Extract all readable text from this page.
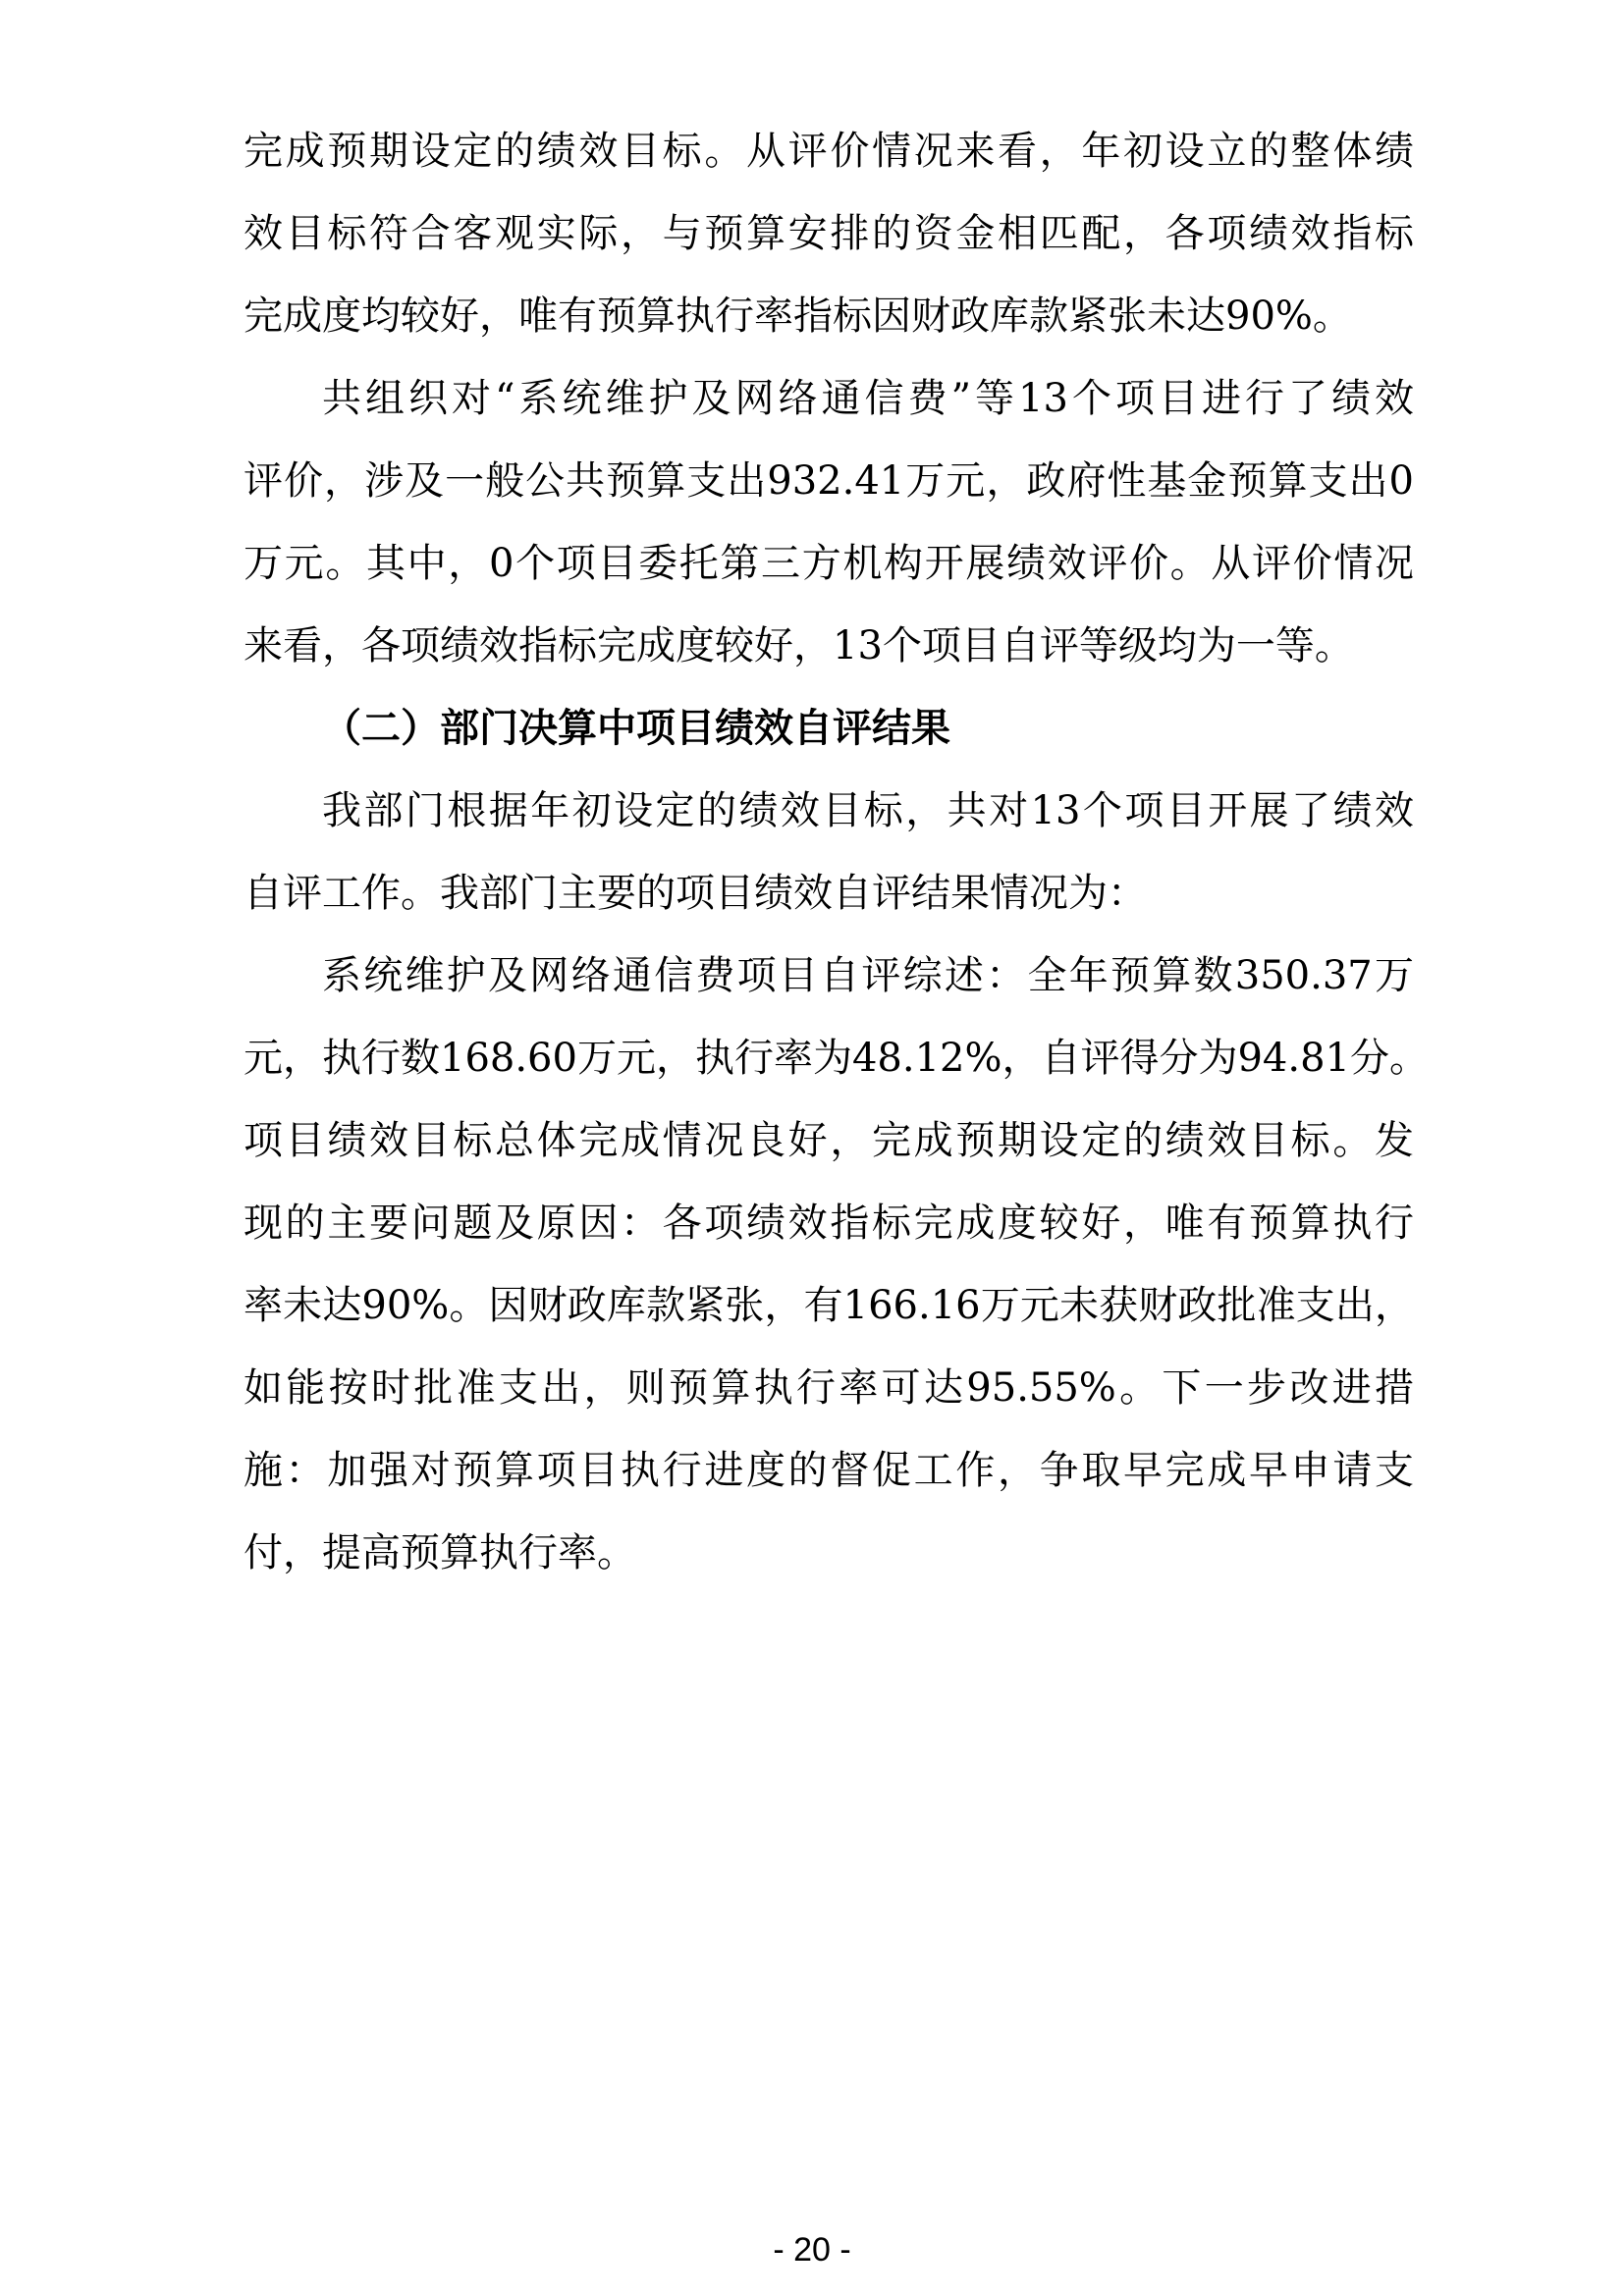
完成预期设定的绩效目标。从评价情况来看，年初设立的整体绩
效目标符合客观实际，与预算安排的资金相匹配，各项绩效指标
完成度均较好，唯有预算执行率指标因财政库款紧张未达90%。
共组织对“系统维护及网络通信费”等13个项目进行了绩效
评价，涉及一般公共预算支出932.41万元，政府性基金预算支出0
万元。其中，0个项目委托第三方机构开展绩效评价。从评价情况
来看，各项绩效指标完成度较好，13个项目自评等级均为一等。
（二）部门决算中项目绩效自评结果
我部门根据年初设定的绩效目标，共对13个项目开展了绩效
自评工作。我部门主要的项目绩效自评结果情况为：
系统维护及网络通信费项目自评综述：全年预算数350.37万
元，执行数168.60万元，执行率为48.12%，自评得分为94.81分。
项目绩效目标总体完成情况良好，完成预期设定的绩效目标。发
现的主要问题及原因：各项绩效指标完成度较好，唯有预算执行
率未达90%。因财政库款紧张，有166.16万元未获财政批准支出，
如能按时批准支出，则预算执行率可达95.55%。下一步改进措
施：加强对预算项目执行进度的督促工作，争取早完成早申请支
付，提高预算执行率。
- 20 -
